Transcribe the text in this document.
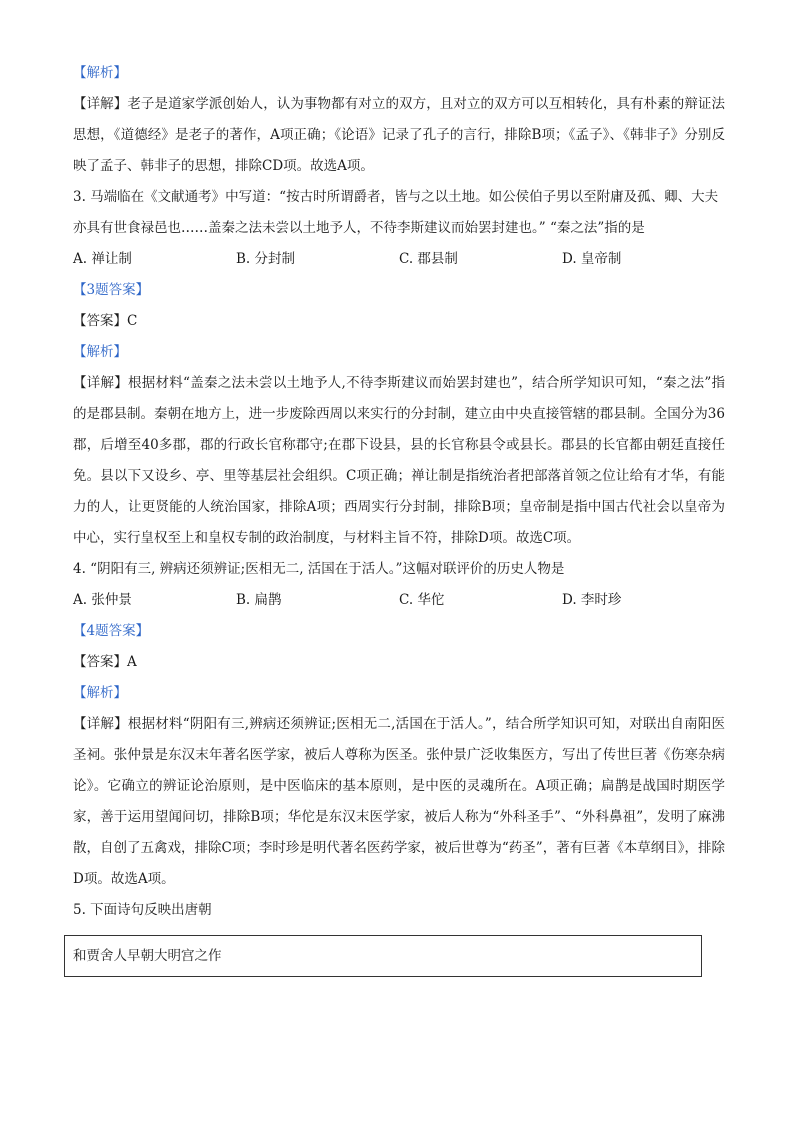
【解析】

【详解】老子是道家学派创始人，认为事物都有对立的双方，且对立的双方可以互相转化，具有朴素的辩证法思想，《道德经》是老子的著作，A项正确；《论语》记录了孔子的言行，排除B项；《孟子》、《韩非子》分别反映了孟子、韩非子的思想，排除CD项。故选A项。

3. 马端临在《文献通考》中写道：“按古时所谓爵者，皆与之以土地。如公侯伯子男以至附庸及孤、卿、大夫亦具有世食禄邑也……盖秦之法未尝以土地予人，不待李斯建议而始罢封建也。” “秦之法”指的是

A. 禅让制	B. 分封制	C. 郡县制	D. 皇帝制

【3题答案】

【答案】C

【解析】

【详解】根据材料“盖秦之法未尝以土地予人,不待李斯建议而始罢封建也”，结合所学知识可知，“秦之法”指的是郡县制。秦朝在地方上，进一步废除西周以来实行的分封制，建立由中央直接管辖的郡县制。全国分为36郡，后增至40多郡，郡的行政长官称郡守;在郡下设县，县的长官称县令或县长。郡县的长官都由朝廷直接任免。县以下又设乡、亭、里等基层社会组织。C项正确；禅让制是指统治者把部落首领之位让给有才华，有能力的人，让更贤能的人统治国家，排除A项；西周实行分封制，排除B项；皇帝制是指中国古代社会以皇帝为中心，实行皇权至上和皇权专制的政治制度，与材料主旨不符，排除D项。故选C项。

4. “阴阳有三, 辨病还须辨证;医相无二, 活国在于活人。”这幅对联评价的历史人物是

A. 张仲景	B. 扁鹊	C. 华佗	D. 李时珍

【4题答案】

【答案】A

【解析】

【详解】根据材料“阴阳有三,辨病还须辨证;医相无二,活国在于活人。”，结合所学知识可知，对联出自南阳医圣祠。张仲景是东汉末年著名医学家，被后人尊称为医圣。张仲景广泛收集医方，写出了传世巨著《伤寒杂病论》。它确立的辨证论治原则，是中医临床的基本原则，是中医的灵魂所在。A项正确；扁鹊是战国时期医学家，善于运用望闻问切，排除B项；华佗是东汉末医学家，被后人称为“外科圣手”、“外科鼻祖”，发明了麻沸散，自创了五禽戏，排除C项；李时珍是明代著名医药学家，被后世尊为“药圣”，著有巨著《本草纲目》，排除D项。故选A项。

5. 下面诗句反映出唐朝

和贾舍人早朝大明宫之作
